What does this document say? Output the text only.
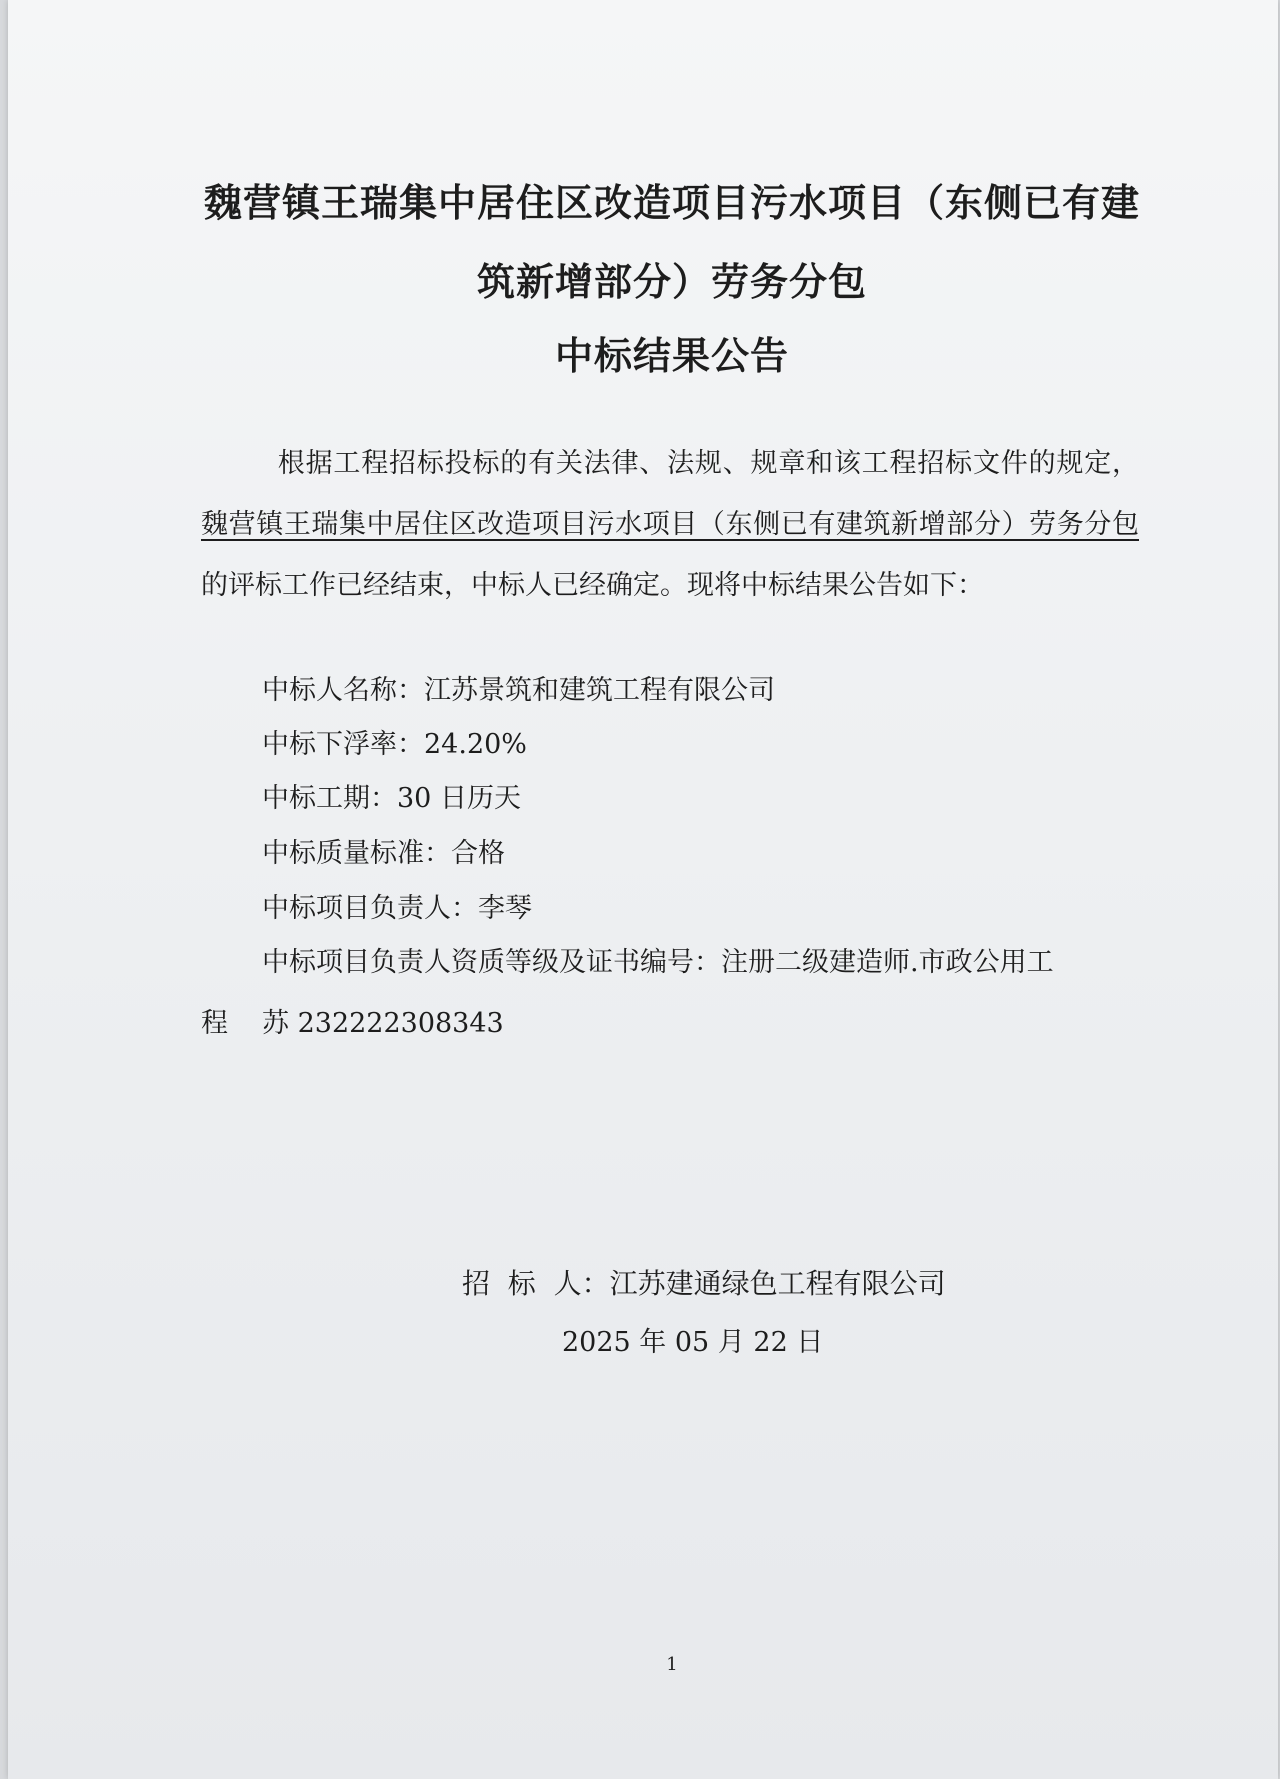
魏营镇王瑞集中居住区改造项目污水项目（东侧已有建
筑新增部分）劳务分包
中标结果公告
根据工程招标投标的有关法律、法规、规章和该工程招标文件的规定， 魏营镇王瑞集中居住区改造项目污水项目（东侧已有建筑新增部分）劳务分包 的评标工作已经结束，中标人已经确定。现将中标结果公告如下：
中标人名称：江苏景筑和建筑工程有限公司
中标下浮率：24.20%
中标工期：30 日历天
中标质量标准：合格
中标项目负责人：李琴
中标项目负责人资质等级及证书编号：注册二级建造师.市政公用工
程 苏 232222308343
招  标  人：江苏建通绿色工程有限公司
2025 年 05 月 22 日
1
